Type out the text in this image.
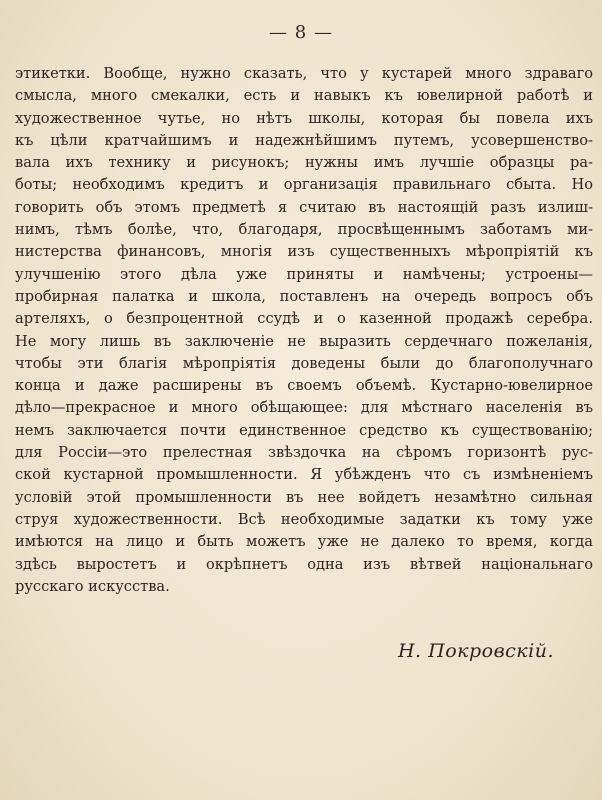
— 8 —
этикетки. Вообще, нужно сказать, что у кустарей много здраваго
смысла, много смекалки, есть и навыкъ къ ювелирной работѣ и
художественное чутье, но нѣтъ школы, которая бы повела ихъ
къ цѣли кратчайшимъ и надежнѣйшимъ путемъ, усовершенство-
вала ихъ технику и рисунокъ; нужны имъ лучшіе образцы ра-
боты; необходимъ кредитъ и организація правильнаго сбыта. Но
говорить объ этомъ предметѣ я считаю въ настоящій разъ излиш-
нимъ, тѣмъ болѣе, что, благодаря, просвѣщеннымъ заботамъ ми-
нистерства финансовъ, многія изъ существенныхъ мѣропріятій къ
улучшенію этого дѣла уже приняты и намѣчены; устроены—
пробирная палатка и школа, поставленъ на очередь вопросъ объ
артеляхъ, о безпроцентной ссудѣ и о казенной продажѣ серебра.
Не могу лишь въ заключеніе не выразить сердечнаго пожеланія,
чтобы эти благія мѣропріятія доведены были до благополучнаго
конца и даже расширены въ своемъ объемѣ. Кустарно-ювелирное
дѣло—прекрасное и много обѣщающее: для мѣстнаго населенія въ
немъ заключается почти единственное средство къ существованію;
для Россіи—это прелестная звѣздочка на сѣромъ горизонтѣ рус-
ской кустарной промышленности. Я убѣжденъ что съ измѣненіемъ
условій этой промышленности въ нее войдетъ незамѣтно сильная
струя художественности. Всѣ необходимые задатки къ тому уже
имѣются на лицо и быть можетъ уже не далеко то время, когда
здѣсь выростетъ и окрѣпнетъ одна изъ вѣтвей національнаго
русскаго искусства.
Н. Покровскій.
